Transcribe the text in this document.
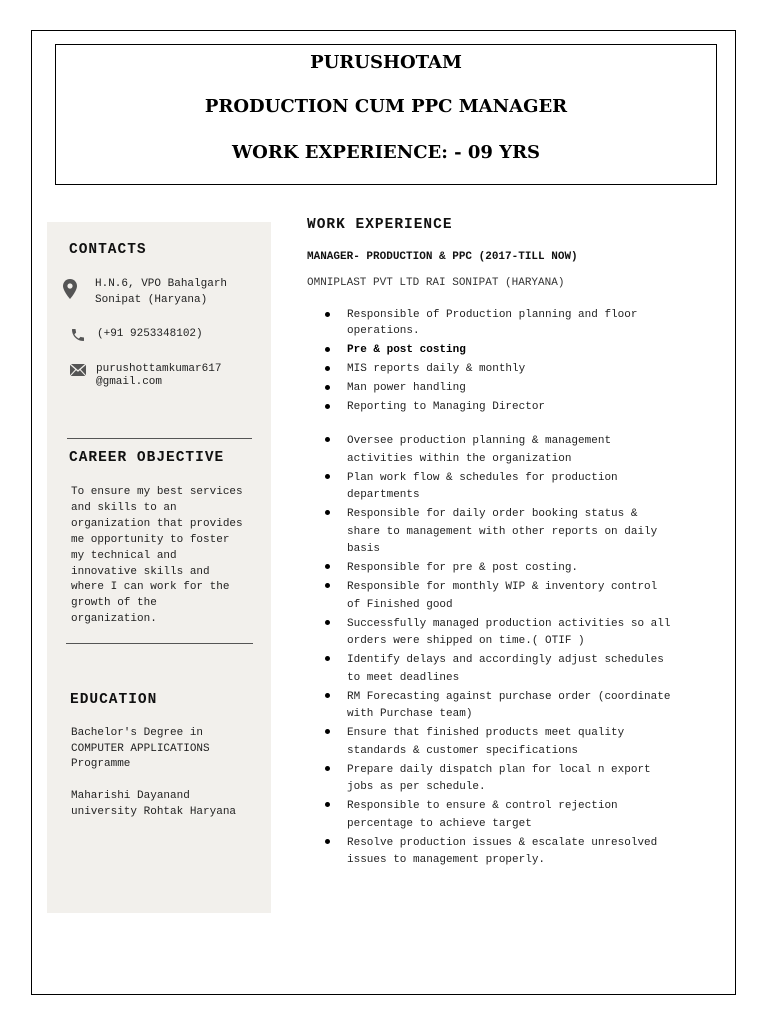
PURUSHOTAM
PRODUCTION CUM PPC MANAGER
WORK EXPERIENCE: - 09 YRS
CONTACTS
H.N.6, VPO Bahalgarh
Sonipat (Haryana)
(+91 9253348102)
purushottamkumar617
@gmail.com
CAREER OBJECTIVE
To ensure my best services
and skills to an
organization that provides
me opportunity to foster
my technical and
innovative skills and
where I can work for the
growth of the
organization.
EDUCATION
Bachelor's Degree in
COMPUTER APPLICATIONS
Programme
Maharishi Dayanand
university Rohtak Haryana
WORK EXPERIENCE
MANAGER- PRODUCTION & PPC (2017-TILL NOW)
OMNIPLAST PVT LTD RAI SONIPAT (HARYANA)
Responsible of Production planning and floor
operations.
Pre & post costing
MIS reports daily & monthly
Man power handling
Reporting to Managing Director
Oversee production planning & management
activities within the organization
Plan work flow & schedules for production
departments
Responsible for daily order booking status &
share to management with other reports on daily
basis
Responsible for pre & post costing.
Responsible for monthly WIP & inventory control
of Finished good
Successfully managed production activities so all
orders were shipped on time.( OTIF )
Identify delays and accordingly adjust schedules
to meet deadlines
RM Forecasting against purchase order (coordinate
with Purchase team)
Ensure that finished products meet quality
standards & customer specifications
Prepare daily dispatch plan for local n export
jobs as per schedule.
Responsible to ensure & control rejection
percentage to achieve target
Resolve production issues & escalate unresolved
issues to management properly.
